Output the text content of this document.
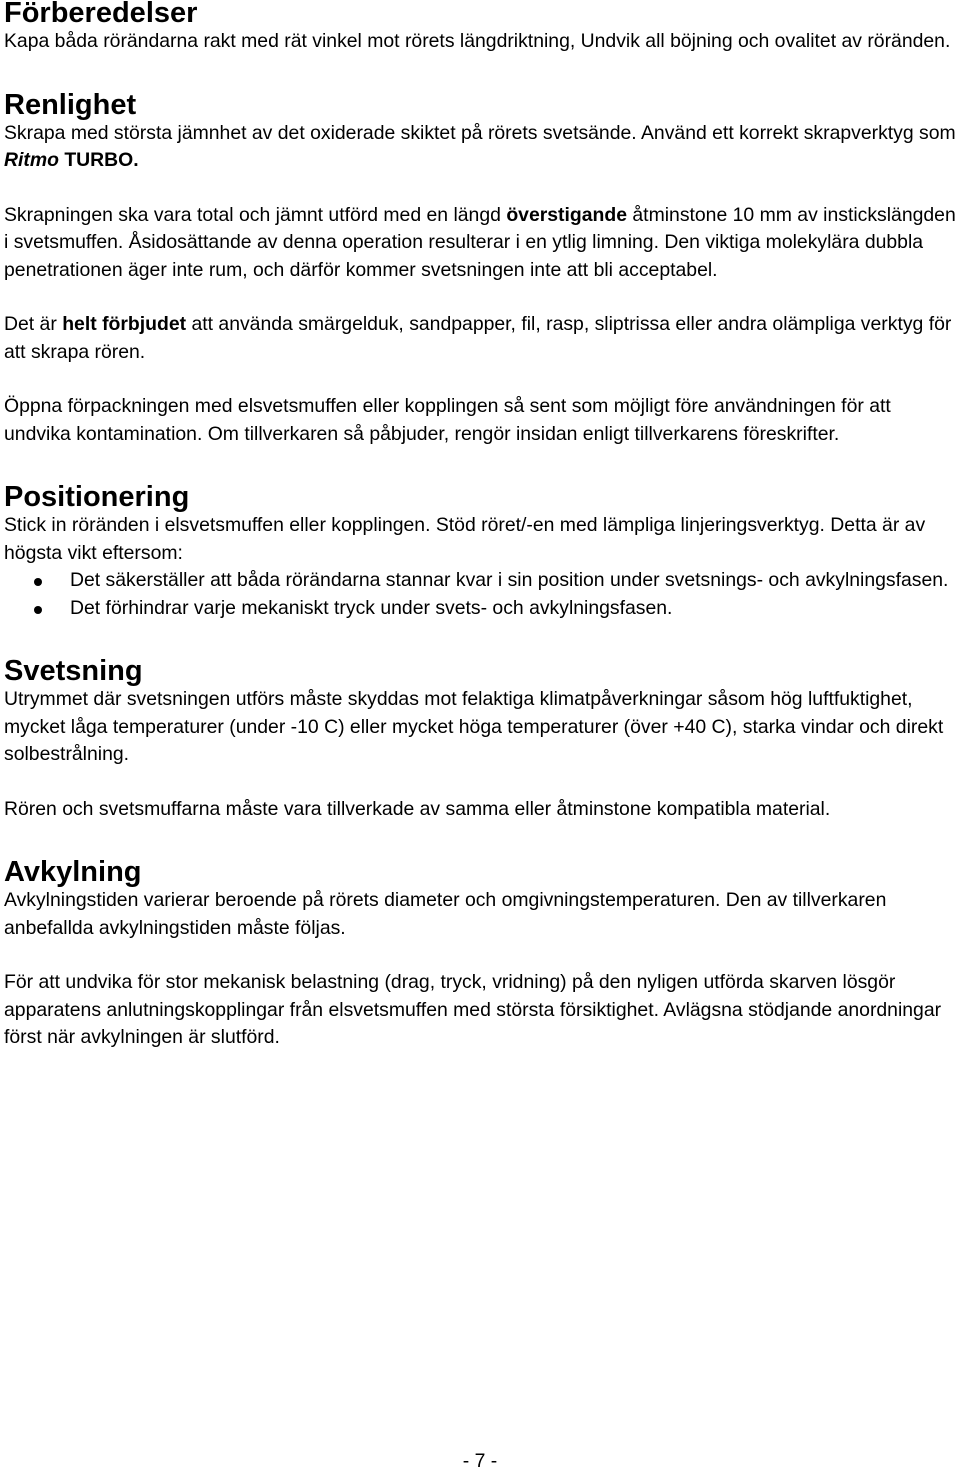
Förberedelser

Kapa båda rörändarna rakt med rät vinkel mot rörets längdriktning, Undvik all böjning och ovalitet av röränden.

Renlighet

Skrapa med största jämnhet av det oxiderade skiktet på rörets svetsände. Använd ett korrekt skrapverktyg som Ritmo TURBO.

Skrapningen ska vara total och jämnt utförd med en längd överstigande åtminstone 10 mm av instickslängden i svetsmuffen. Åsidosättande av denna operation resulterar i en ytlig limning. Den viktiga molekylära dubbla penetrationen äger inte rum, och därför kommer svetsningen inte att bli acceptabel.

Det är helt förbjudet att använda smärgelduk, sandpapper, fil, rasp, sliptrissa eller andra olämpliga verktyg för att skrapa rören.

Öppna förpackningen med elsvetsmuffen eller kopplingen så sent som möjligt före användningen för att undvika kontamination. Om tillverkaren så påbjuder, rengör insidan enligt tillverkarens föreskrifter.

Positionering

Stick in röränden i elsvetsmuffen eller kopplingen. Stöd röret/-en med lämpliga linjeringsverktyg. Detta är av högsta vikt eftersom:

Det säkerställer att båda rörändarna stannar kvar i sin position under svetsnings- och avkylningsfasen.
Det förhindrar varje mekaniskt tryck under svets- och avkylningsfasen.
Svetsning

Utrymmet där svetsningen utförs måste skyddas mot felaktiga klimatpåverkningar såsom hög luftfuktighet, mycket låga temperaturer (under -10 C) eller mycket höga temperaturer (över +40 C), starka vindar och direkt solbestrålning.

Rören och svetsmuffarna måste vara tillverkade av samma eller åtminstone kompatibla material.

Avkylning

Avkylningstiden varierar beroende på rörets diameter och omgivningstemperaturen. Den av tillverkaren anbefallda avkylningstiden måste följas.

För att undvika för stor mekanisk belastning (drag, tryck, vridning) på den nyligen utförda skarven lösgör apparatens anlutningskopplingar från elsvetsmuffen med största försiktighet. Avlägsna stödjande anordningar först när avkylningen är slutförd.

- 7 -
